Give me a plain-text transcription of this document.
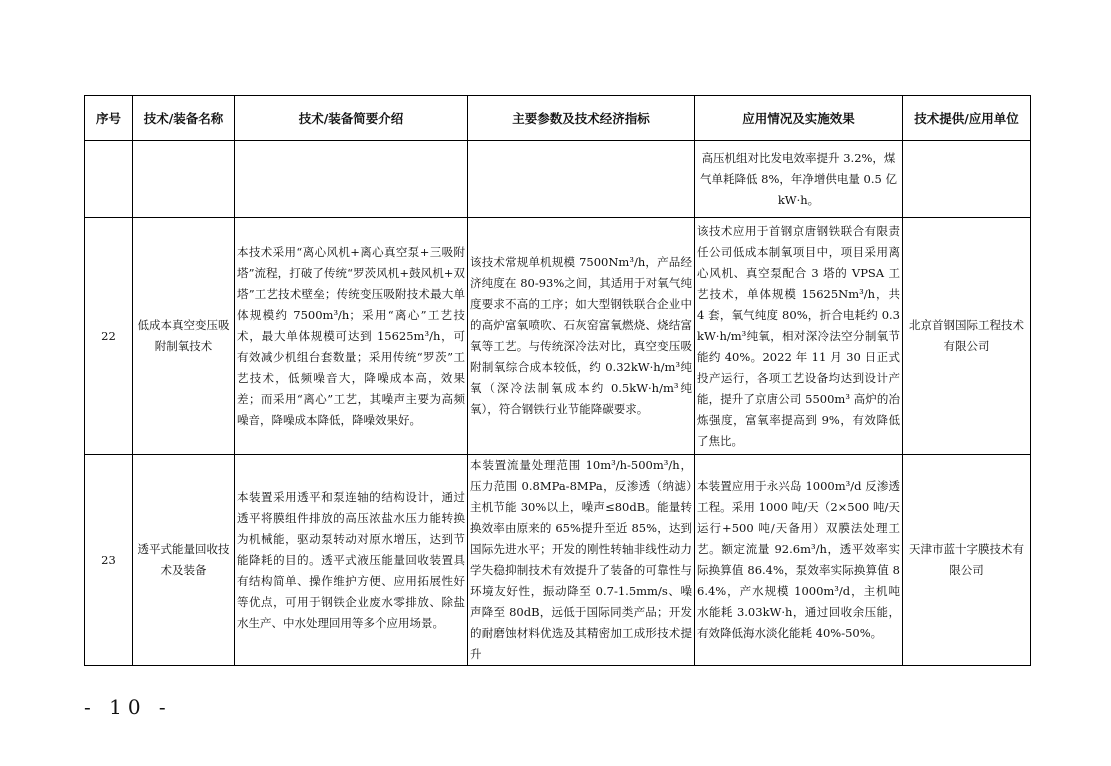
序号	技术/装备名称	技术/装备简要介绍	主要参数及技术经济指标	应用情况及实施效果	技术提供/应用单位
				高压机组对比发电效率提升 3.2%，煤气单耗降低 8%，年净增供电量 0.5 亿 kW·h。	
22	低成本真空变压吸附制氧技术	本技术采用“离心风机+离心真空泵+三吸附塔”流程，打破了传统“罗茨风机+鼓风机+双塔”工艺技术壁垒；传统变压吸附技术最大单体规模约 7500m³/h；采用“离心”工艺技术，最大单体规模可达到 15625m³/h，可有效减少机组台套数量；采用传统“罗茨”工艺技术，低频噪音大，降噪成本高，效果差；而采用“离心”工艺，其噪声主要为高频噪音，降噪成本降低，降噪效果好。	该技术常规单机规模 7500Nm³/h，产品经济纯度在 80-93%之间，其适用于对氧气纯度要求不高的工序；如大型钢铁联合企业中的高炉富氧喷吹、石灰窑富氧燃烧、烧结富氧等工艺。与传统深冷法对比，真空变压吸附制氧综合成本较低，约 0.32kW·h/m³纯氧（深冷法制氧成本约 0.5kW·h/m³纯氧），符合钢铁行业节能降碳要求。	该技术应用于首钢京唐钢铁联合有限责任公司低成本制氧项目中，项目采用离心风机、真空泵配合 3 塔的 VPSA 工艺技术，单体规模 15625Nm³/h，共 4 套，氧气纯度 80%，折合电耗约 0.3kW·h/m³纯氧，相对深冷法空分制氧节能约 40%。2022 年 11 月 30 日正式投产运行，各项工艺设备均达到设计产能，提升了京唐公司 5500m³ 高炉的冶炼强度，富氧率提高到 9%，有效降低了焦比。	北京首钢国际工程技术有限公司
23	透平式能量回收技术及装备	本装置采用透平和泵连轴的结构设计，通过透平将膜组件排放的高压浓盐水压力能转换为机械能，驱动泵转动对原水增压，达到节能降耗的目的。透平式液压能量回收装置具有结构简单、操作维护方便、应用拓展性好等优点，可用于钢铁企业废水零排放、除盐水生产、中水处理回用等多个应用场景。	本装置流量处理范围 10m³/h-500m³/h，压力范围 0.8MPa-8MPa，反渗透（纳滤）主机节能 30%以上，噪声≤80dB。能量转换效率由原来的 65%提升至近 85%，达到国际先进水平；开发的刚性转轴非线性动力学失稳抑制技术有效提升了装备的可靠性与环境友好性，振动降至 0.7-1.5mm/s、噪声降至 80dB，远低于国际同类产品；开发的耐磨蚀材料优选及其精密加工成形技术提升	本装置应用于永兴岛 1000m³/d 反渗透工程。采用 1000 吨/天（2×500 吨/天运行+500 吨/天备用）双膜法处理工艺。额定流量 92.6m³/h，透平效率实际换算值 86.4%，泵效率实际换算值 86.4%，产水规模 1000m³/d，主机吨水能耗 3.03kW·h，通过回收余压能，有效降低海水淡化能耗 40%-50%。	天津市蓝十字膜技术有限公司
- 10 -
